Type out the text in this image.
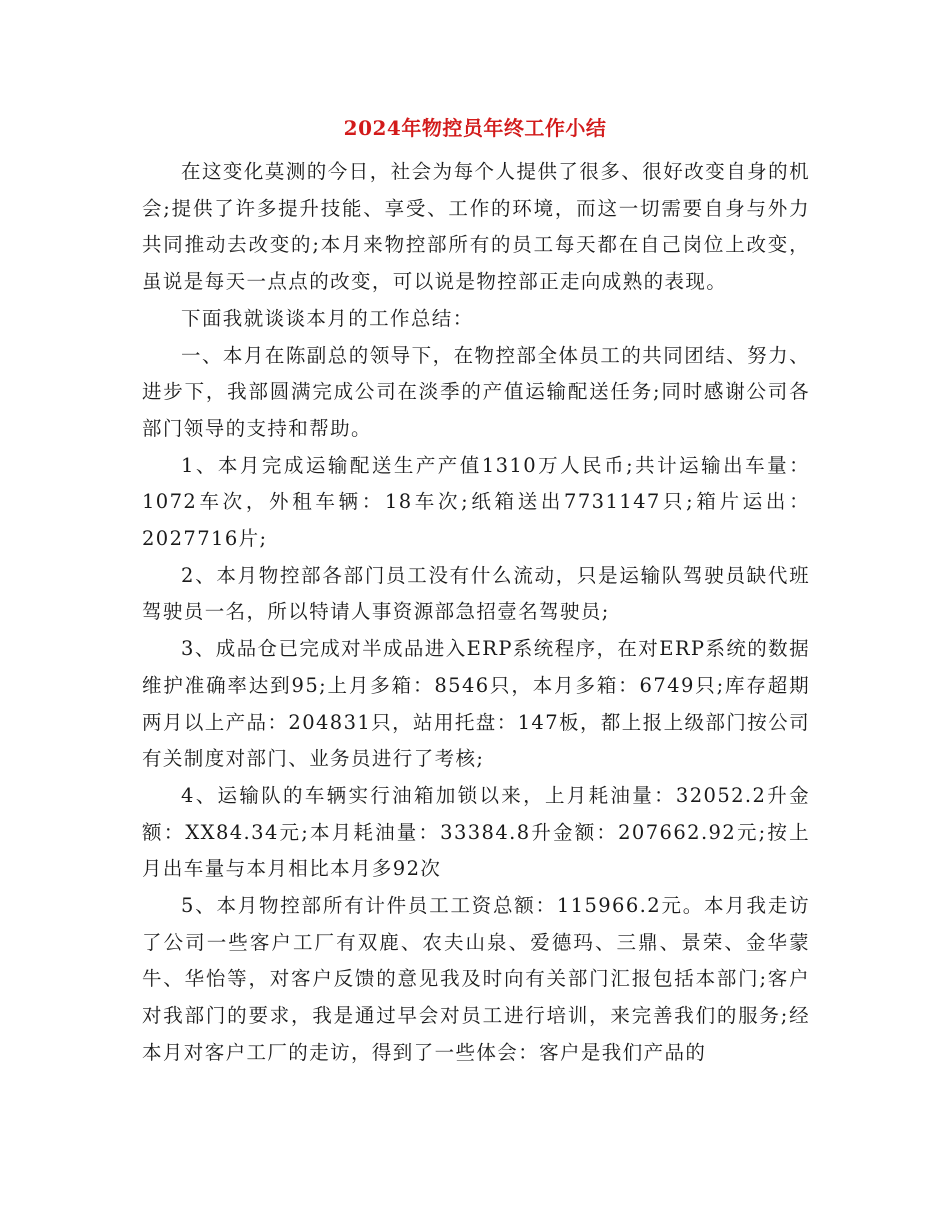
2024年物控员年终工作小结

在这变化莫测的今日，社会为每个人提供了很多、很好改变自身的机会;提供了许多提升技能、享受、工作的环境，而这一切需要自身与外力共同推动去改变的;本月来物控部所有的员工每天都在自己岗位上改变，虽说是每天一点点的改变，可以说是物控部正走向成熟的表现。

下面我就谈谈本月的工作总结：

一、本月在陈副总的领导下，在物控部全体员工的共同团结、努力、进步下，我部圆满完成公司在淡季的产值运输配送任务;同时感谢公司各部门领导的支持和帮助。

1、本月完成运输配送生产产值1310万人民币;共计运输出车量：1072车次，外租车辆：18车次;纸箱送出7731147只;箱片运出：2027716片;

2、本月物控部各部门员工没有什么流动，只是运输队驾驶员缺代班驾驶员一名，所以特请人事资源部急招壹名驾驶员;

3、成品仓已完成对半成品进入ERP系统程序，在对ERP系统的数据维护准确率达到95;上月多箱：8546只，本月多箱：6749只;库存超期两月以上产品：204831只，站用托盘：147板，都上报上级部门按公司有关制度对部门、业务员进行了考核;

4、运输队的车辆实行油箱加锁以来，上月耗油量：32052.2升金额：XX84.34元;本月耗油量：33384.8升金额：207662.92元;按上月出车量与本月相比本月多92次

5、本月物控部所有计件员工工资总额：115966.2元。本月我走访了公司一些客户工厂有双鹿、农夫山泉、爱德玛、三鼎、景荣、金华蒙牛、华怡等，对客户反馈的意见我及时向有关部门汇报包括本部门;客户对我部门的要求，我是通过早会对员工进行培训，来完善我们的服务;经本月对客户工厂的走访，得到了一些体会：客户是我们产品的
